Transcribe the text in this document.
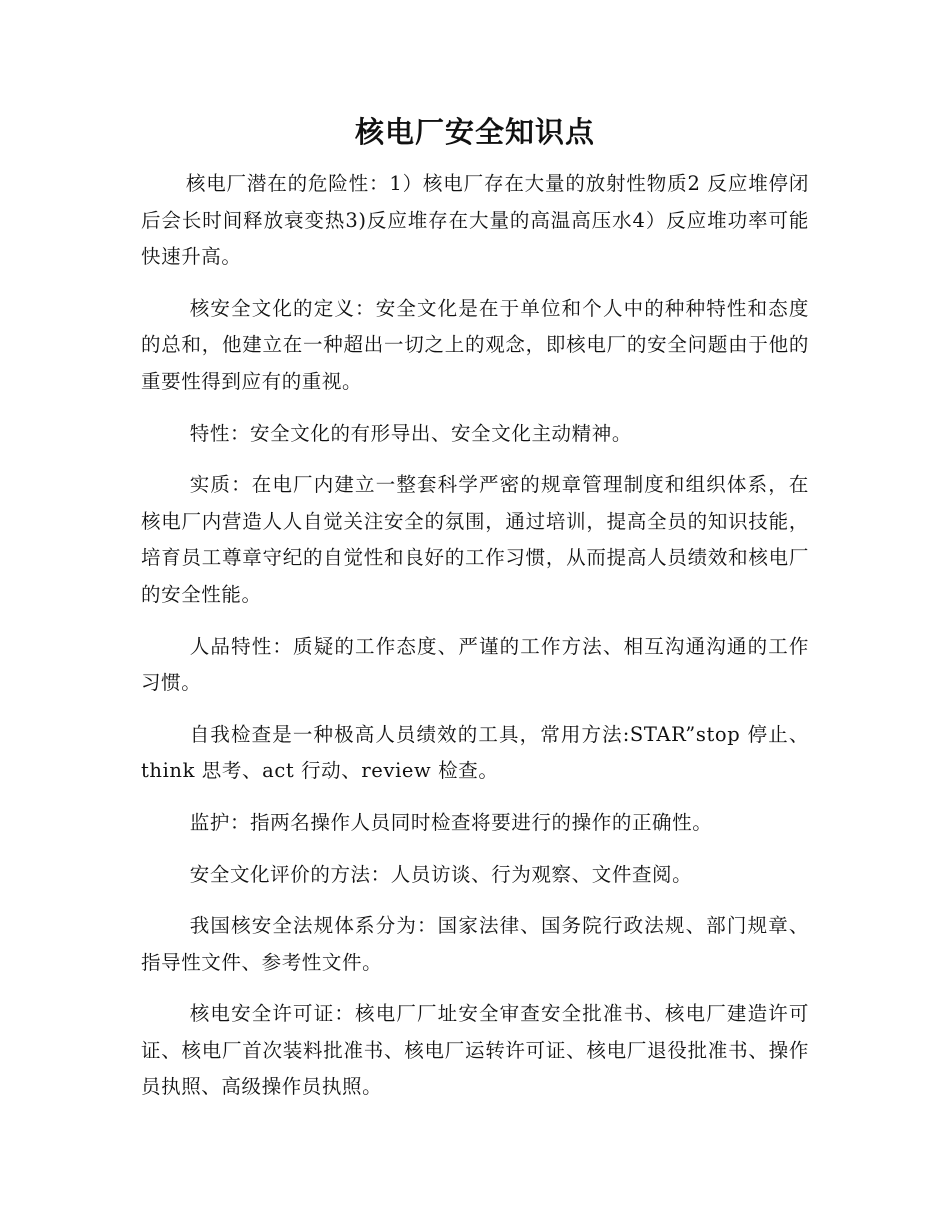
核电厂安全知识点

核电厂潜在的危险性：1）核电厂存在大量的放射性物质2 反应堆停闭后会长时间释放衰变热3)反应堆存在大量的高温高压水4）反应堆功率可能快速升高。

核安全文化的定义：安全文化是在于单位和个人中的种种特性和态度的总和，他建立在一种超出一切之上的观念，即核电厂的安全问题由于他的重要性得到应有的重视。

特性：安全文化的有形导出、安全文化主动精神。

实质：在电厂内建立一整套科学严密的规章管理制度和组织体系，在核电厂内营造人人自觉关注安全的氛围，通过培训，提高全员的知识技能，培育员工尊章守纪的自觉性和良好的工作习惯，从而提高人员绩效和核电厂的安全性能。

人品特性：质疑的工作态度、严谨的工作方法、相互沟通沟通的工作习惯。

自我检查是一种极高人员绩效的工具，常用方法:STAR”stop 停止、think 思考、act 行动、review 检查。

监护：指两名操作人员同时检查将要进行的操作的正确性。

安全文化评价的方法：人员访谈、行为观察、文件查阅。

我国核安全法规体系分为：国家法律、国务院行政法规、部门规章、指导性文件、参考性文件。

核电安全许可证：核电厂厂址安全审查安全批准书、核电厂建造许可证、核电厂首次装料批准书、核电厂运转许可证、核电厂退役批准书、操作员执照、高级操作员执照。
